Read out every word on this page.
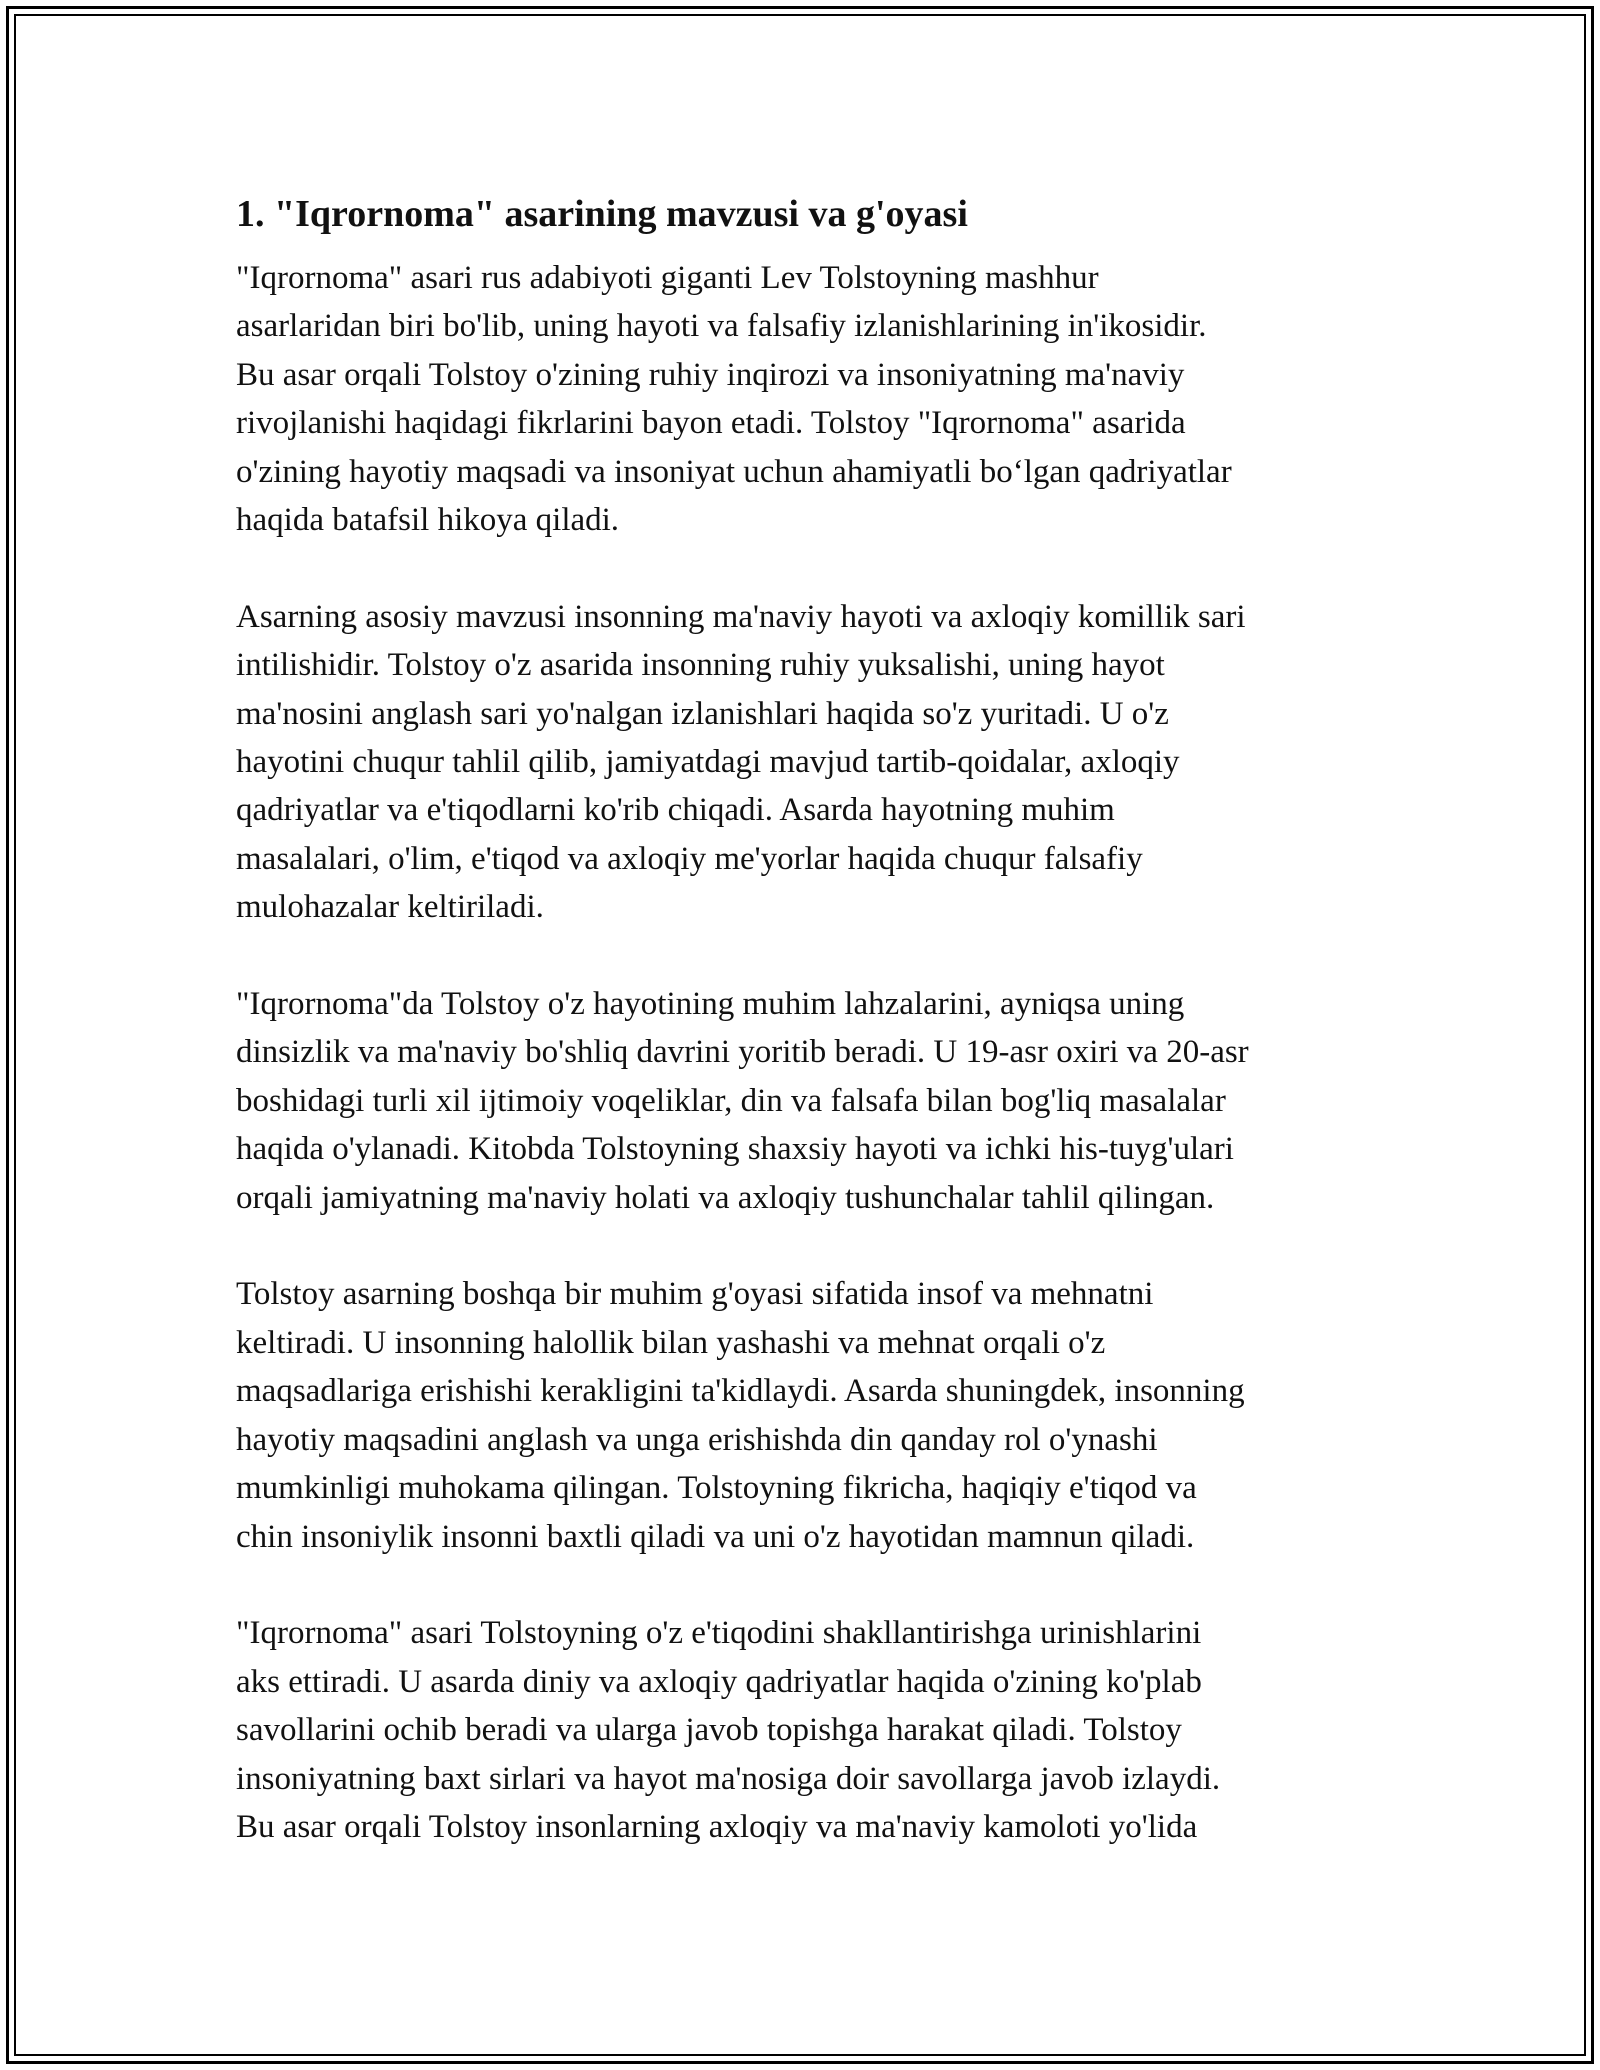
1. "Iqrornoma" asarining mavzusi va g'oyasi

"Iqrornoma" asari rus adabiyoti giganti Lev Tolstoyning mashhur
asarlaridan biri bo'lib, uning hayoti va falsafiy izlanishlarining in'ikosidir.
Bu asar orqali Tolstoy o'zining ruhiy inqirozi va insoniyatning ma'naviy
rivojlanishi haqidagi fikrlarini bayon etadi. Tolstoy "Iqrornoma" asarida
o'zining hayotiy maqsadi va insoniyat uchun ahamiyatli bo‘lgan qadriyatlar
haqida batafsil hikoya qiladi.

Asarning asosiy mavzusi insonning ma'naviy hayoti va axloqiy komillik sari
intilishidir. Tolstoy o'z asarida insonning ruhiy yuksalishi, uning hayot
ma'nosini anglash sari yo'nalgan izlanishlari haqida so'z yuritadi. U o'z
hayotini chuqur tahlil qilib, jamiyatdagi mavjud tartib-qoidalar, axloqiy
qadriyatlar va e'tiqodlarni ko'rib chiqadi. Asarda hayotning muhim
masalalari, o'lim, e'tiqod va axloqiy me'yorlar haqida chuqur falsafiy
mulohazalar keltiriladi.

"Iqrornoma"da Tolstoy o'z hayotining muhim lahzalarini, ayniqsa uning
dinsizlik va ma'naviy bo'shliq davrini yoritib beradi. U 19-asr oxiri va 20-asr
boshidagi turli xil ijtimoiy voqeliklar, din va falsafa bilan bog'liq masalalar
haqida o'ylanadi. Kitobda Tolstoyning shaxsiy hayoti va ichki his-tuyg'ulari
orqali jamiyatning ma'naviy holati va axloqiy tushunchalar tahlil qilingan.

Tolstoy asarning boshqa bir muhim g'oyasi sifatida insof va mehnatni
keltiradi. U insonning halollik bilan yashashi va mehnat orqali o'z
maqsadlariga erishishi kerakligini ta'kidlaydi. Asarda shuningdek, insonning
hayotiy maqsadini anglash va unga erishishda din qanday rol o'ynashi
mumkinligi muhokama qilingan. Tolstoyning fikricha, haqiqiy e'tiqod va
chin insoniylik insonni baxtli qiladi va uni o'z hayotidan mamnun qiladi.

"Iqrornoma" asari Tolstoyning o'z e'tiqodini shakllantirishga urinishlarini
aks ettiradi. U asarda diniy va axloqiy qadriyatlar haqida o'zining ko'plab
savollarini ochib beradi va ularga javob topishga harakat qiladi. Tolstoy
insoniyatning baxt sirlari va hayot ma'nosiga doir savollarga javob izlaydi.
Bu asar orqali Tolstoy insonlarning axloqiy va ma'naviy kamoloti yo'lida
